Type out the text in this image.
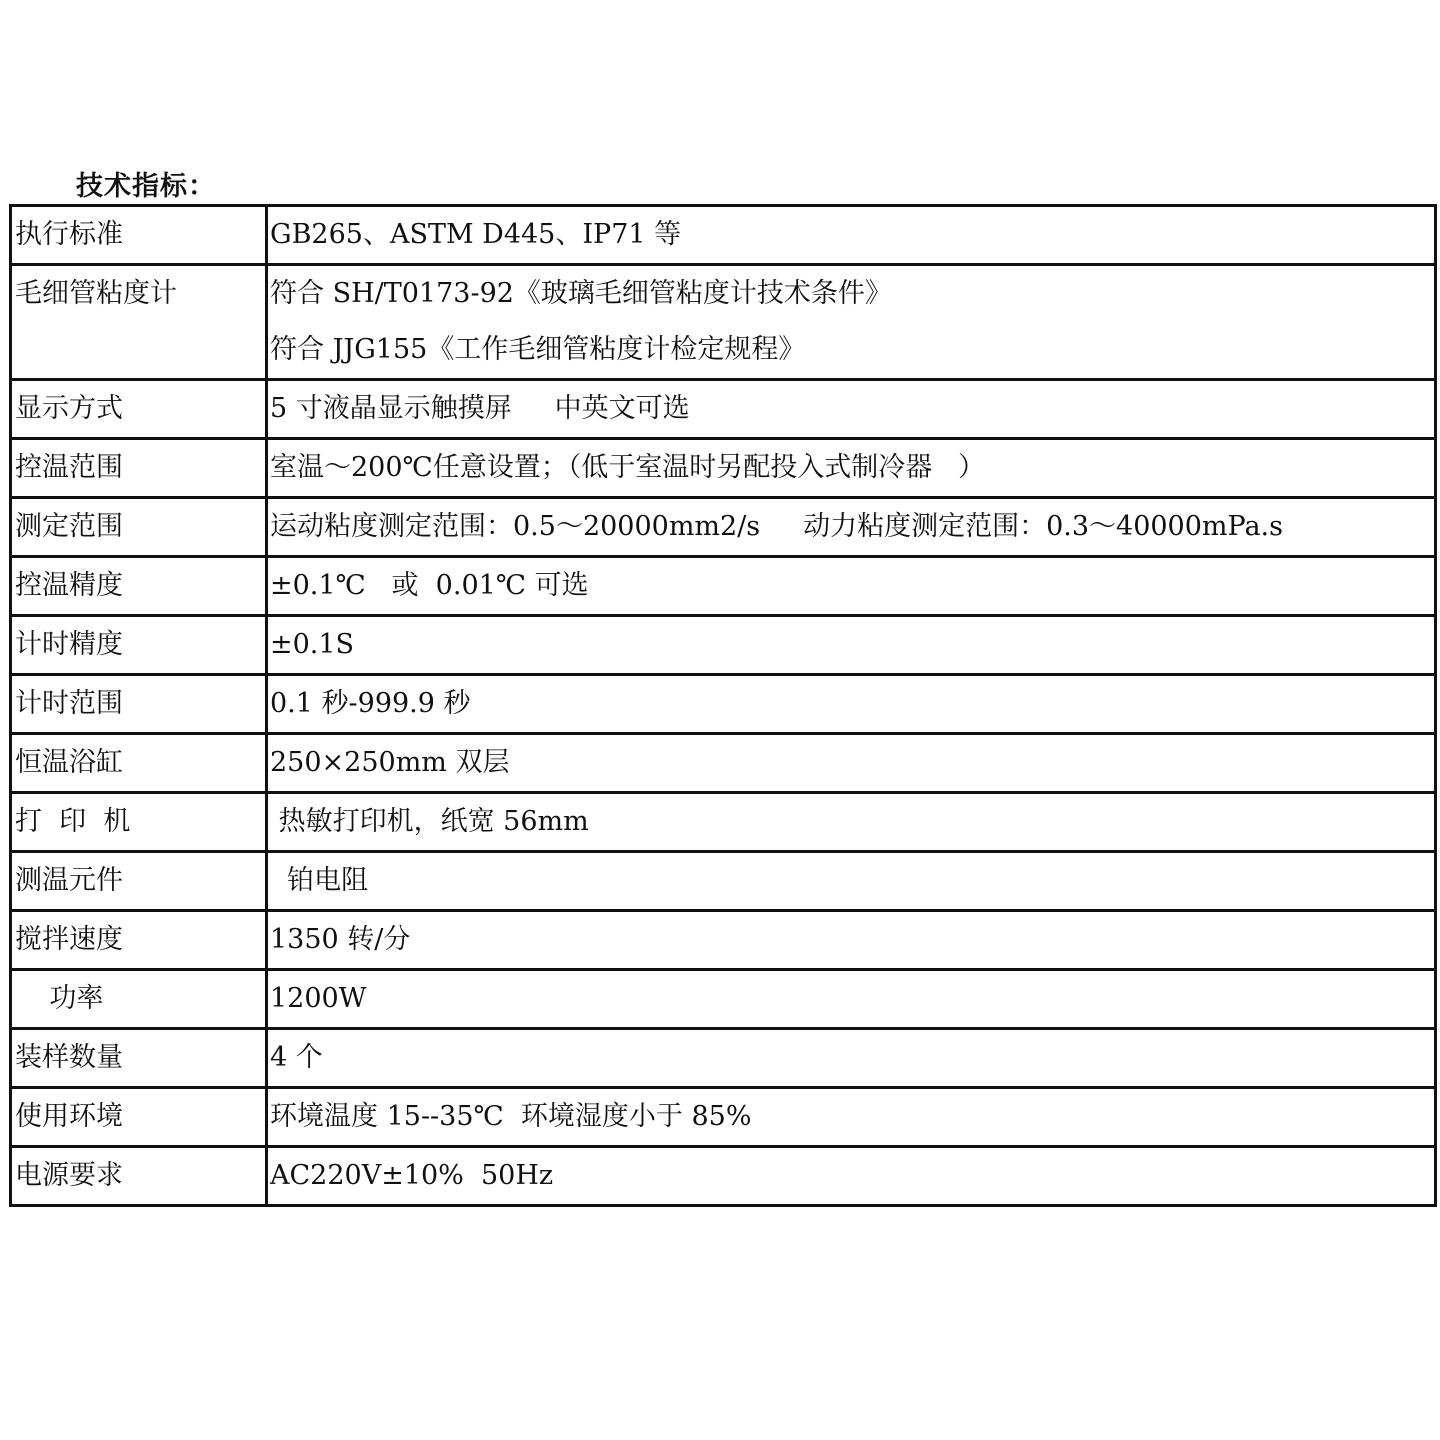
技术指标：
执行标准	GB265、ASTM D445、IP71 等

毛细管粘度计	符合 SH/T0173-92《玻璃毛细管粘度计技术条件》
符合 JJG155《工作毛细管粘度计检定规程》

显示方式	5 寸液晶显示触摸屏     中英文可选

控温范围	室温～200℃任意设置；（低于室温时另配投入式制冷器   ）

测定范围	运动粘度测定范围：0.5～20000mm2/s     动力粘度测定范围：0.3～40000mPa.s

控温精度	±0.1℃   或  0.01℃ 可选

计时精度	±0.1S

计时范围	0.1 秒-999.9 秒

恒温浴缸	250×250mm 双层

打  印  机	热敏打印机，纸宽 56mm

测温元件	铂电阻

搅拌速度	1350 转/分

功率	1200W

装样数量	4 个

使用环境	环境温度 15--35℃  环境湿度小于 85%

电源要求	AC220V±10%  50Hz
